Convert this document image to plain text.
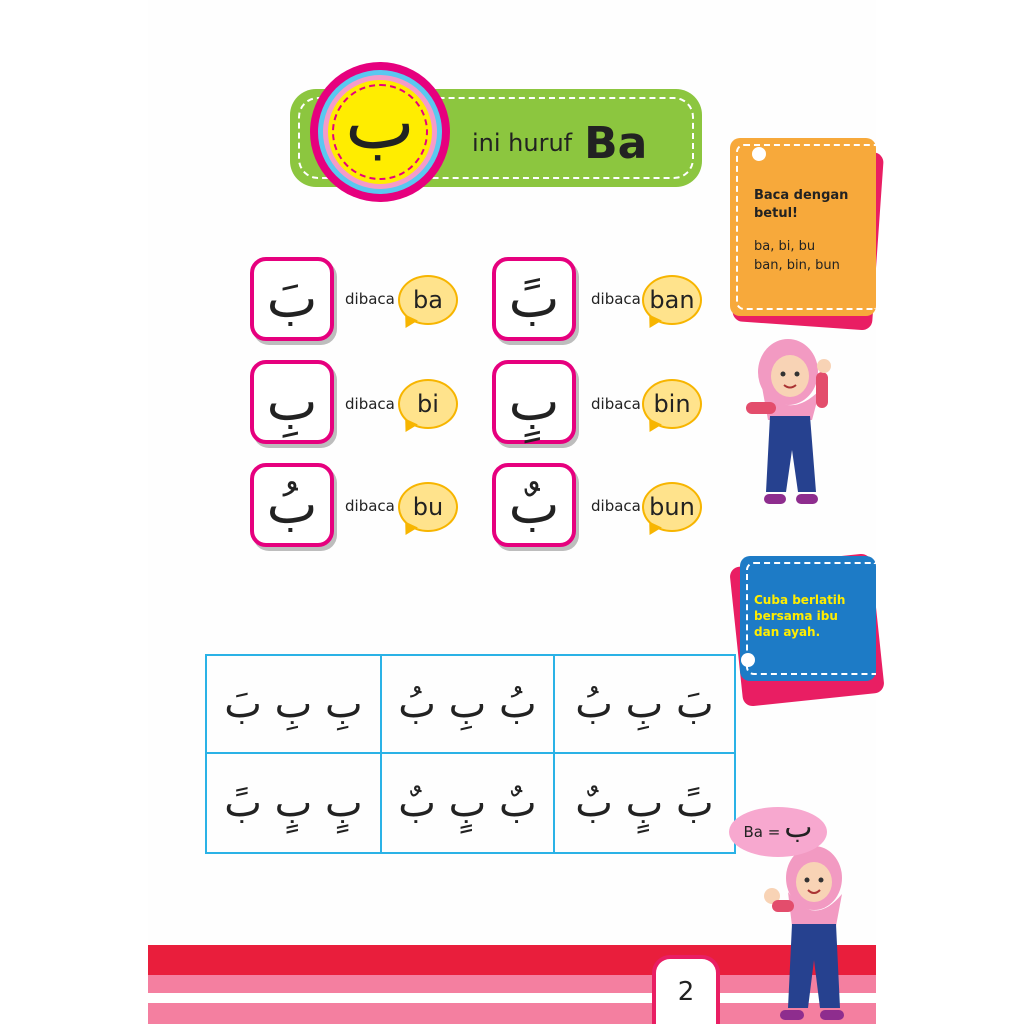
ini huruf Ba
ب
بَ dibaca ba
بِ dibaca bi
بُ dibaca bu
بً dibaca ban
بٍ dibaca bin
بٌ dibaca bun
Baca dengan betul!
ba, bi, bu
ban, bin, bun
Cuba berlatih bersama ibu dan ayah.
بِ بِ بَ بُ بِ بُ بَ بِ بُ
بٍ بٍ بً بٌ بٍ بٌ بً بٍ بٌ
2
Ba = ب
